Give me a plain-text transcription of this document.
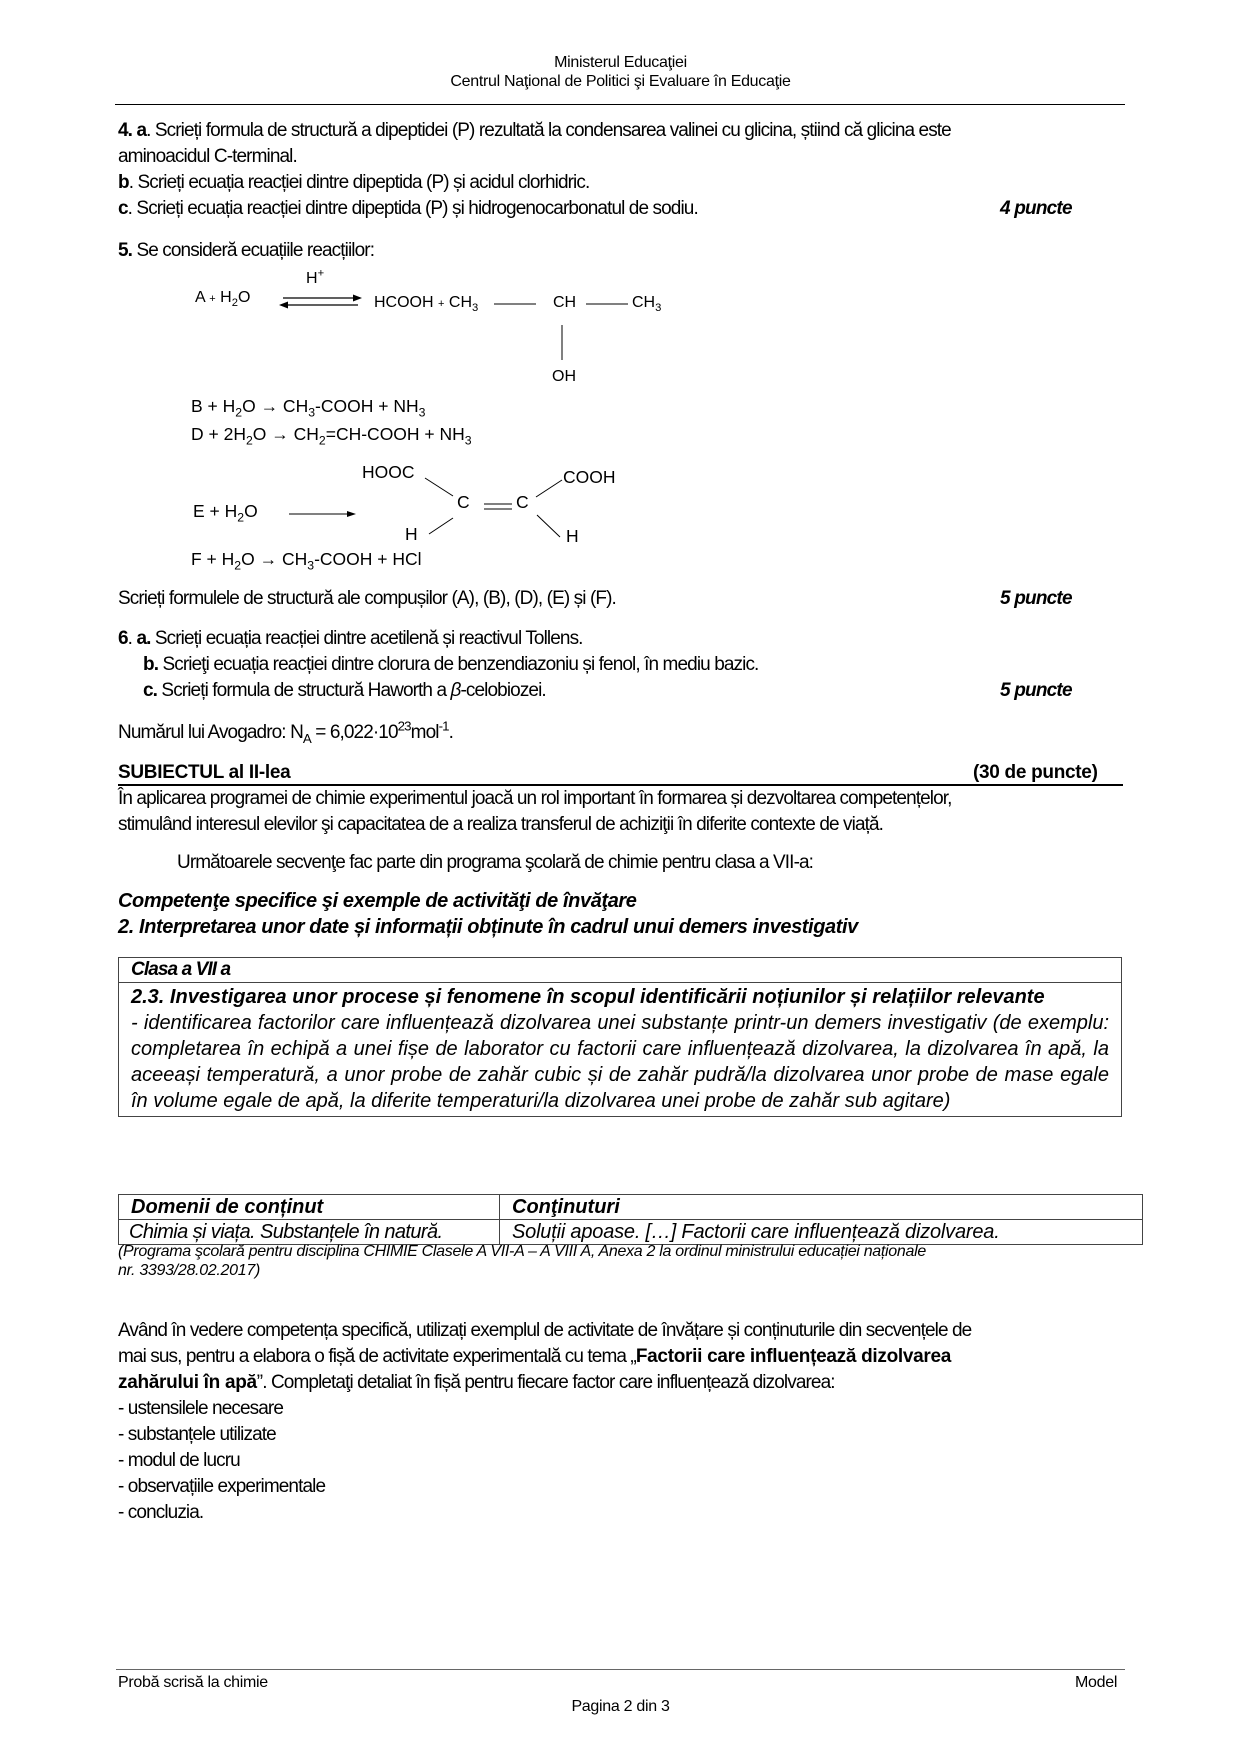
Ministerul Educaţiei
Centrul Naţional de Politici şi Evaluare în Educaţie
4. a. Scrieți formula de structură a dipeptidei (P) rezultată la condensarea valinei cu glicina, știind că glicina este
aminoacidul C-terminal.
b. Scrieți ecuația reacției dintre dipeptida (P) și acidul clorhidric.
c. Scrieți ecuația reacției dintre dipeptida (P) și hidrogenocarbonatul de sodiu.	4 puncte
5. Se consideră ecuațiile reacțiilor:
H+
$A + H_2O$	HCOOH + $CH_3$	CH	$CH_3$
OH
$B + H_2O$ → $CH_3$-COOH + $NH_3$
$D + 2H_2O$ → $CH_2=CH$-COOH + $NH_3$
$E + H_2O$
HOOC	COOH
C	C
H	H
$F + H_2O$ → $CH_3$-COOH + HCl
Scrieți formulele de structură ale compușilor (A), (B), (D), (E) și (F).	5 puncte
6. a. Scrieți ecuația reacției dintre acetilenă și reactivul Tollens.
b. Scrieţi ecuația reacției dintre clorura de benzendiazoniu și fenol, în mediu bazic.
c. Scrieți formula de structură Haworth a β-celobiozei.	5 puncte
Numărul lui Avogadro: $N_A = 6,022\cdot 10^{23}mol^{-1}$.
SUBIECTUL al II-lea	(30 de puncte)
În aplicarea programei de chimie experimentul joacă un rol important în formarea și dezvoltarea competențelor,
stimulând interesul elevilor şi capacitatea de a realiza transferul de achiziţii în diferite contexte de viață.
Următoarele secvenţe fac parte din programa şcolară de chimie pentru clasa a VII-a:
Competenţe specifice şi exemple de activităţi de învăţare
2. Interpretarea unor date și informații obținute în cadrul unui demers investigativ
Clasa a VII a

2.3. Investigarea unor procese și fenomene în scopul identificării noțiunilor și relațiilor relevante
- identificarea factorilor care influențează dizolvarea unei substanțe printr-un demers investigativ (de exemplu: completarea în echipă a unei fișe de laborator cu factorii care influențează dizolvarea, la dizolvarea în apă, la aceeași temperatură, a unor probe de zahăr cubic și de zahăr pudră/la dizolvarea unor probe de mase egale în volume egale de apă, la diferite temperaturi/la dizolvarea unei probe de zahăr sub agitare)
Domenii de conținut	Conţinuturi
Chimia și viața. Substanțele în natură.	Soluții apoase. […] Factorii care influențează dizolvarea.
(Programa şcolară pentru disciplina CHIMIE Clasele A VII-A – A VIII A, Anexa 2 la ordinul ministrului educației naționale
nr. 3393/28.02.2017)
Având în vedere competența specifică, utilizați exemplul de activitate de învățare și conținuturile din secvențele de
mai sus, pentru a elabora o fișă de activitate experimentală cu tema „Factorii care influențează dizolvarea
zahărului în apă”. Completaţi detaliat în fișă pentru fiecare factor care influențează dizolvarea:
- ustensilele necesare
- substanțele utilizate
- modul de lucru
- observațiile experimentale
- concluzia.
Probă scrisă la chimie	Model
Pagina 2 din 3
